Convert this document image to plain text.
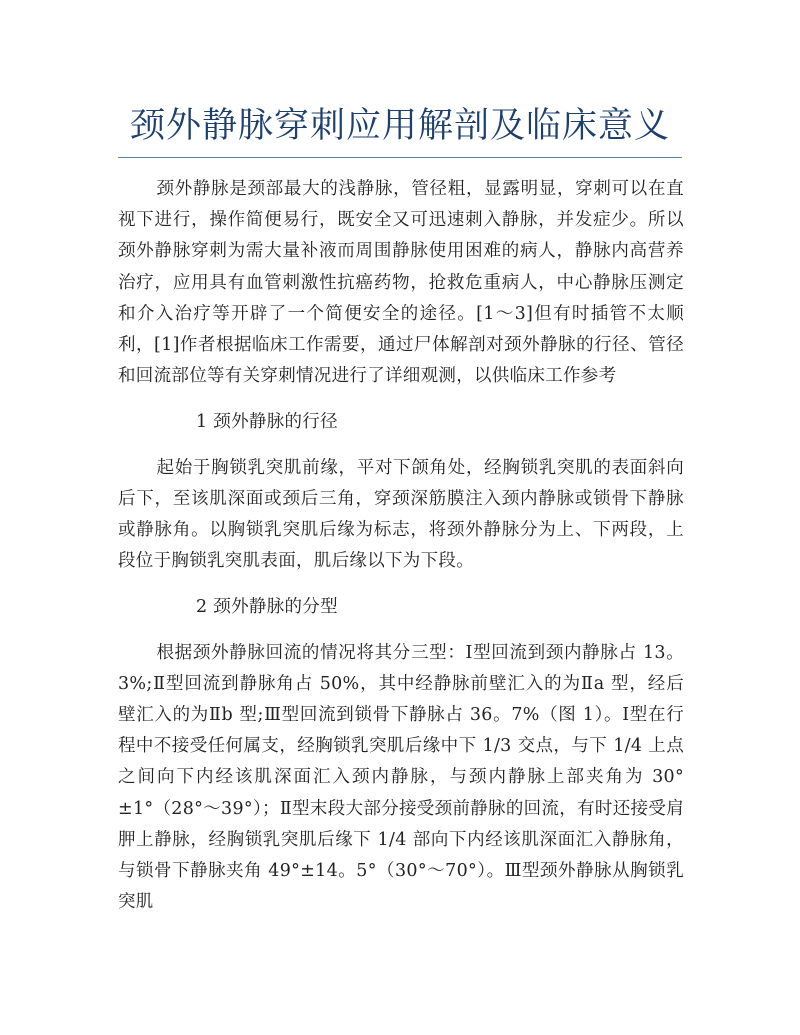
颈外静脉穿刺应用解剖及临床意义

颈外静脉是颈部最大的浅静脉，管径粗，显露明显，穿刺可以在直视下进行，操作简便易行，既安全又可迅速刺入静脉，并发症少。所以颈外静脉穿刺为需大量补液而周围静脉使用困难的病人，静脉内高营养治疗，应用具有血管刺激性抗癌药物，抢救危重病人，中心静脉压测定和介入治疗等开辟了一个简便安全的途径。[1～3]但有时插管不太顺利，[1]作者根据临床工作需要，通过尸体解剖对颈外静脉的行径、管径和回流部位等有关穿刺情况进行了详细观测，以供临床工作参考

1 颈外静脉的行径

起始于胸锁乳突肌前缘，平对下颌角处，经胸锁乳突肌的表面斜向后下，至该肌深面或颈后三角，穿颈深筋膜注入颈内静脉或锁骨下静脉或静脉角。以胸锁乳突肌后缘为标志，将颈外静脉分为上、下两段，上段位于胸锁乳突肌表面，肌后缘以下为下段。

2 颈外静脉的分型

根据颈外静脉回流的情况将其分三型：Ⅰ型回流到颈内静脉占 13。3%;Ⅱ型回流到静脉角占 50%，其中经静脉前壁汇入的为Ⅱa 型，经后壁汇入的为Ⅱb 型;Ⅲ型回流到锁骨下静脉占 36。7%（图 1）。Ⅰ型在行程中不接受任何属支，经胸锁乳突肌后缘中下 1/3 交点，与下 1/4 上点之间向下内经该肌深面汇入颈内静脉，与颈内静脉上部夹角为 30°±1°（28°～39°）；Ⅱ型末段大部分接受颈前静脉的回流，有时还接受肩胛上静脉，经胸锁乳突肌后缘下 1/4 部向下内经该肌深面汇入静脉角，与锁骨下静脉夹角 49°±14。5°（30°～70°）。Ⅲ型颈外静脉从胸锁乳突肌
